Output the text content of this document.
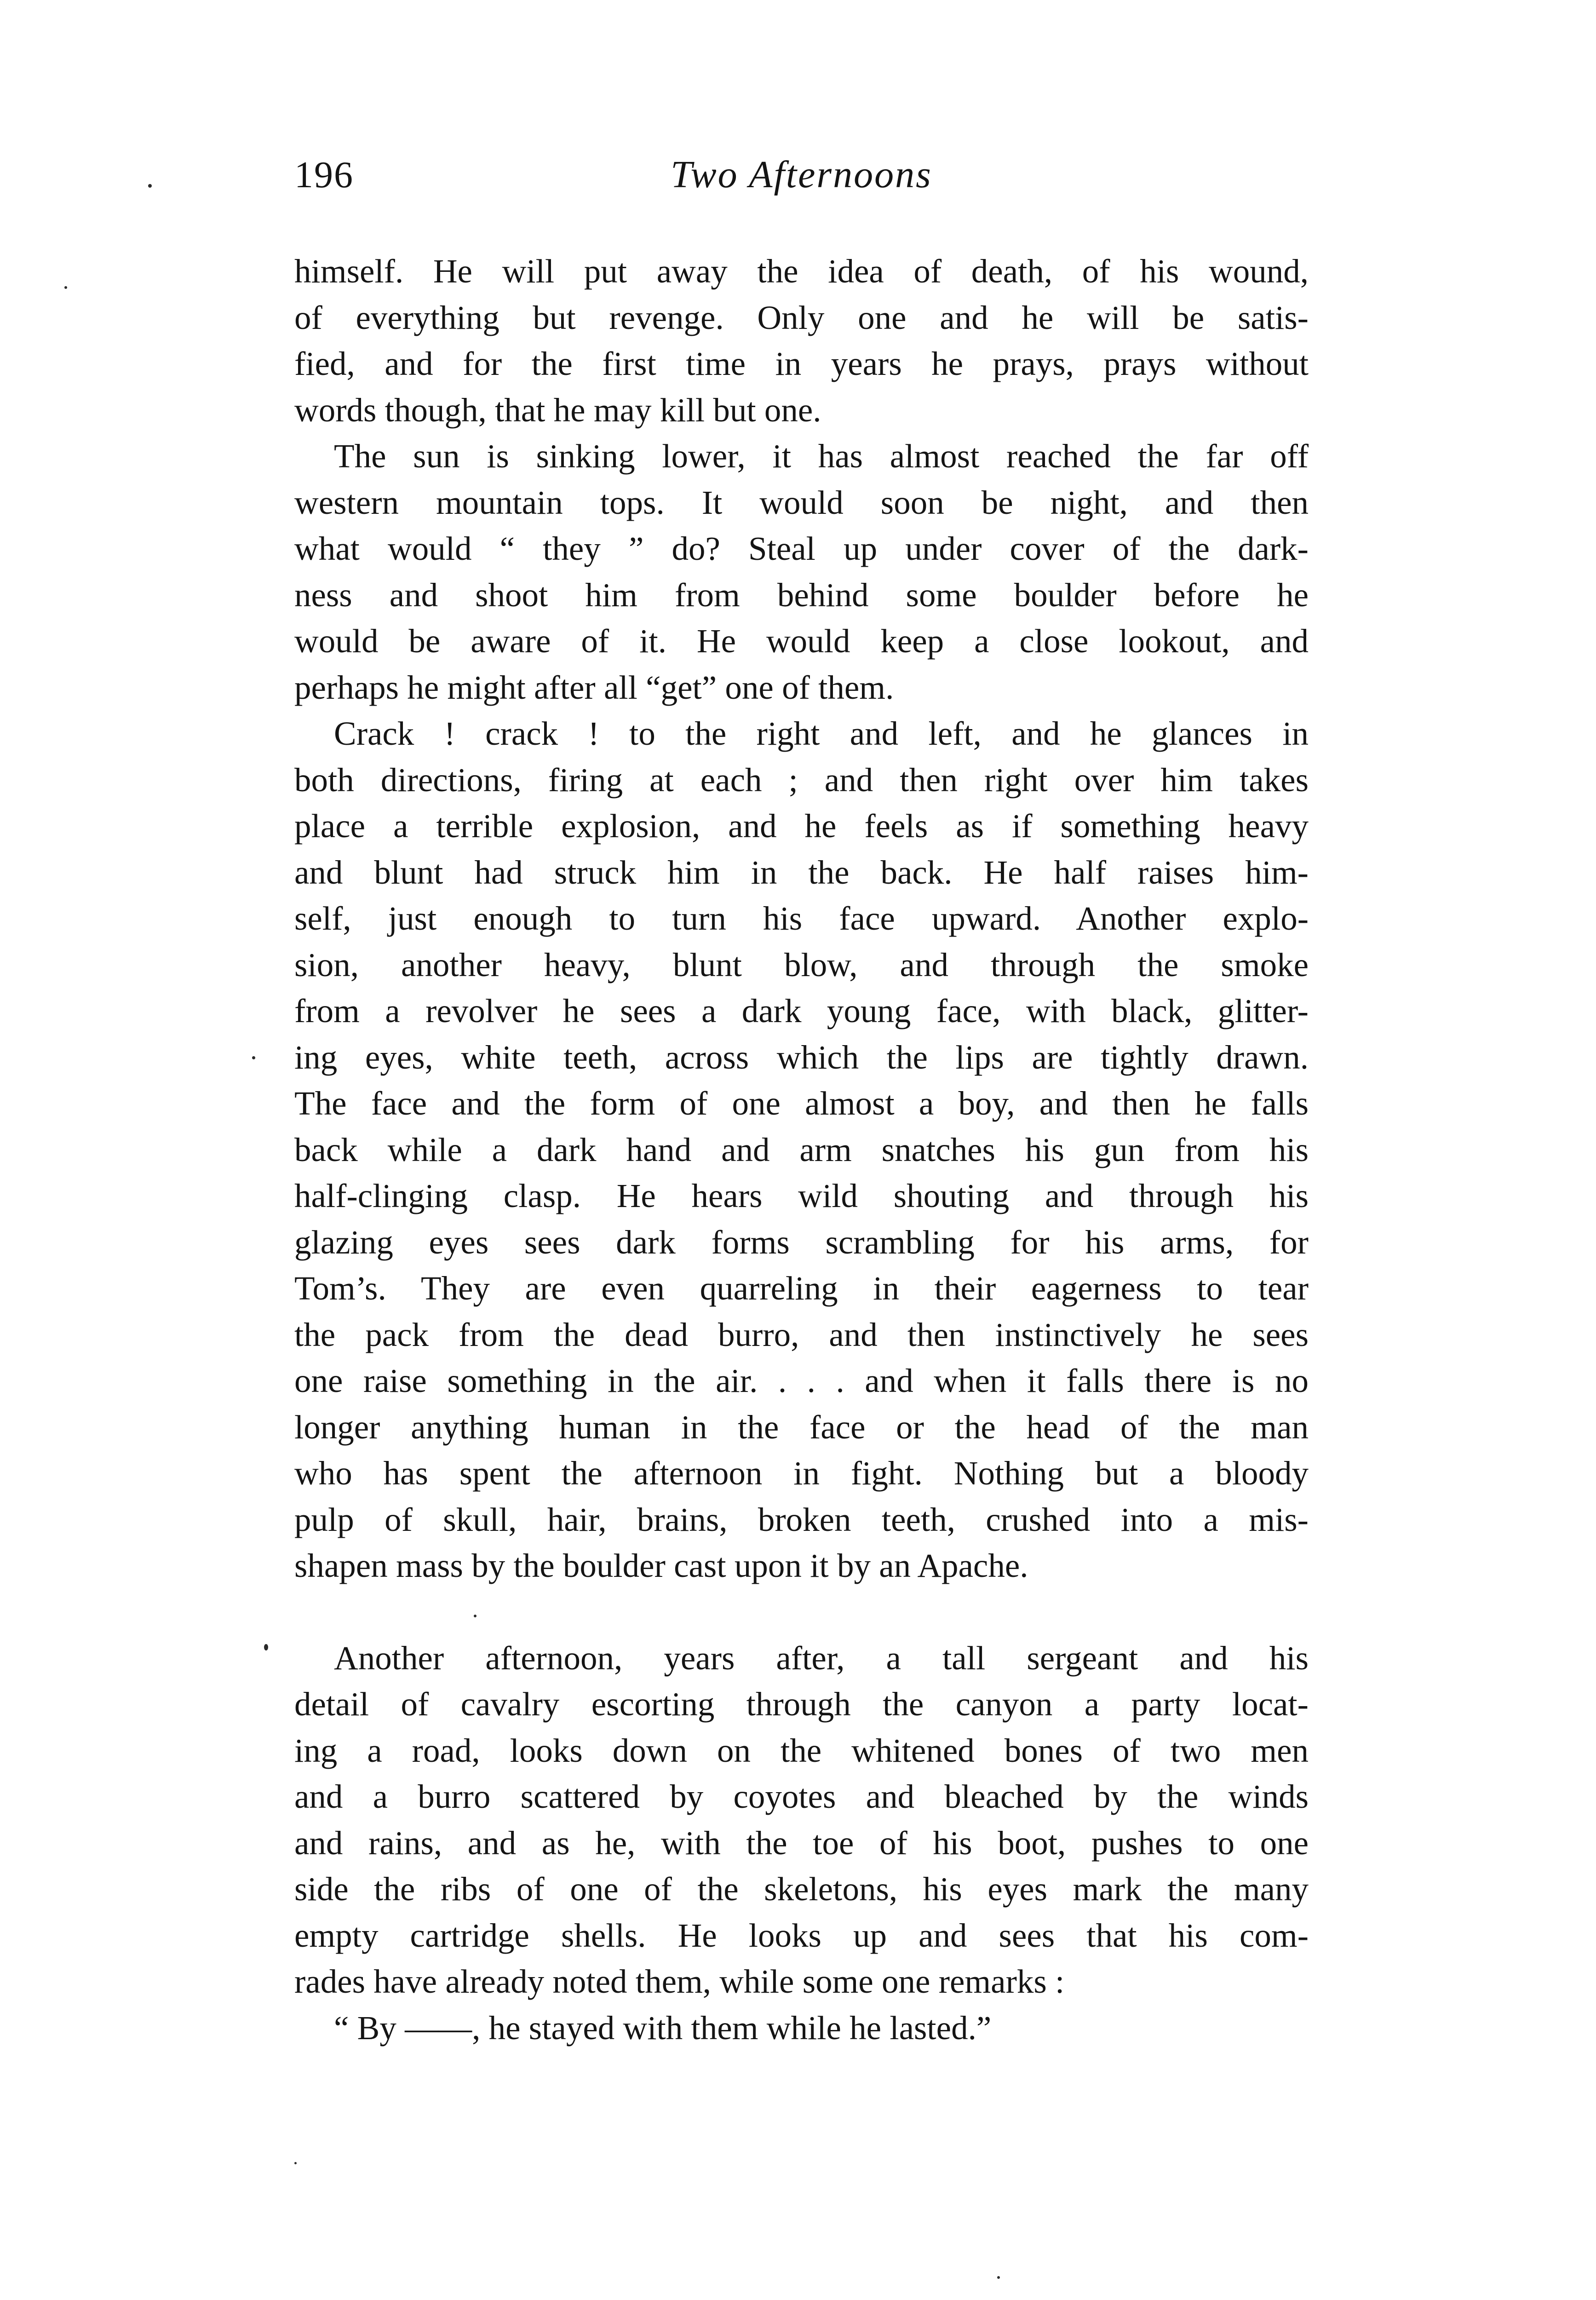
196	Two Afternoons
himself. He will put away the idea of death, of his wound,
of everything but revenge. Only one and he will be satis-
fied, and for the first time in years he prays, prays without
words though, that he may kill but one.
The sun is sinking lower, it has almost reached the far off
western mountain tops. It would soon be night, and then
what would “ they ” do? Steal up under cover of the dark-
ness and shoot him from behind some boulder before he
would be aware of it. He would keep a close lookout, and
perhaps he might after all “get” one of them.
Crack ! crack ! to the right and left, and he glances in
both directions, firing at each ; and then right over him takes
place a terrible explosion, and he feels as if something heavy
and blunt had struck him in the back. He half raises him-
self, just enough to turn his face upward. Another explo-
sion, another heavy, blunt blow, and through the smoke
from a revolver he sees a dark young face, with black, glitter-
ing eyes, white teeth, across which the lips are tightly drawn.
The face and the form of one almost a boy, and then he falls
back while a dark hand and arm snatches his gun from his
half-clinging clasp. He hears wild shouting and through his
glazing eyes sees dark forms scrambling for his arms, for
Tom’s. They are even quarreling in their eagerness to tear
the pack from the dead burro, and then instinctively he sees
one raise something in the air. . . . and when it falls there is no
longer anything human in the face or the head of the man
who has spent the afternoon in fight. Nothing but a bloody
pulp of skull, hair, brains, broken teeth, crushed into a mis-
shapen mass by the boulder cast upon it by an Apache.
Another afternoon, years after, a tall sergeant and his
detail of cavalry escorting through the canyon a party locat-
ing a road, looks down on the whitened bones of two men
and a burro scattered by coyotes and bleached by the winds
and rains, and as he, with the toe of his boot, pushes to one
side the ribs of one of the skeletons, his eyes mark the many
empty cartridge shells. He looks up and sees that his com-
rades have already noted them, while some one remarks :
“ By ——, he stayed with them while he lasted.”
